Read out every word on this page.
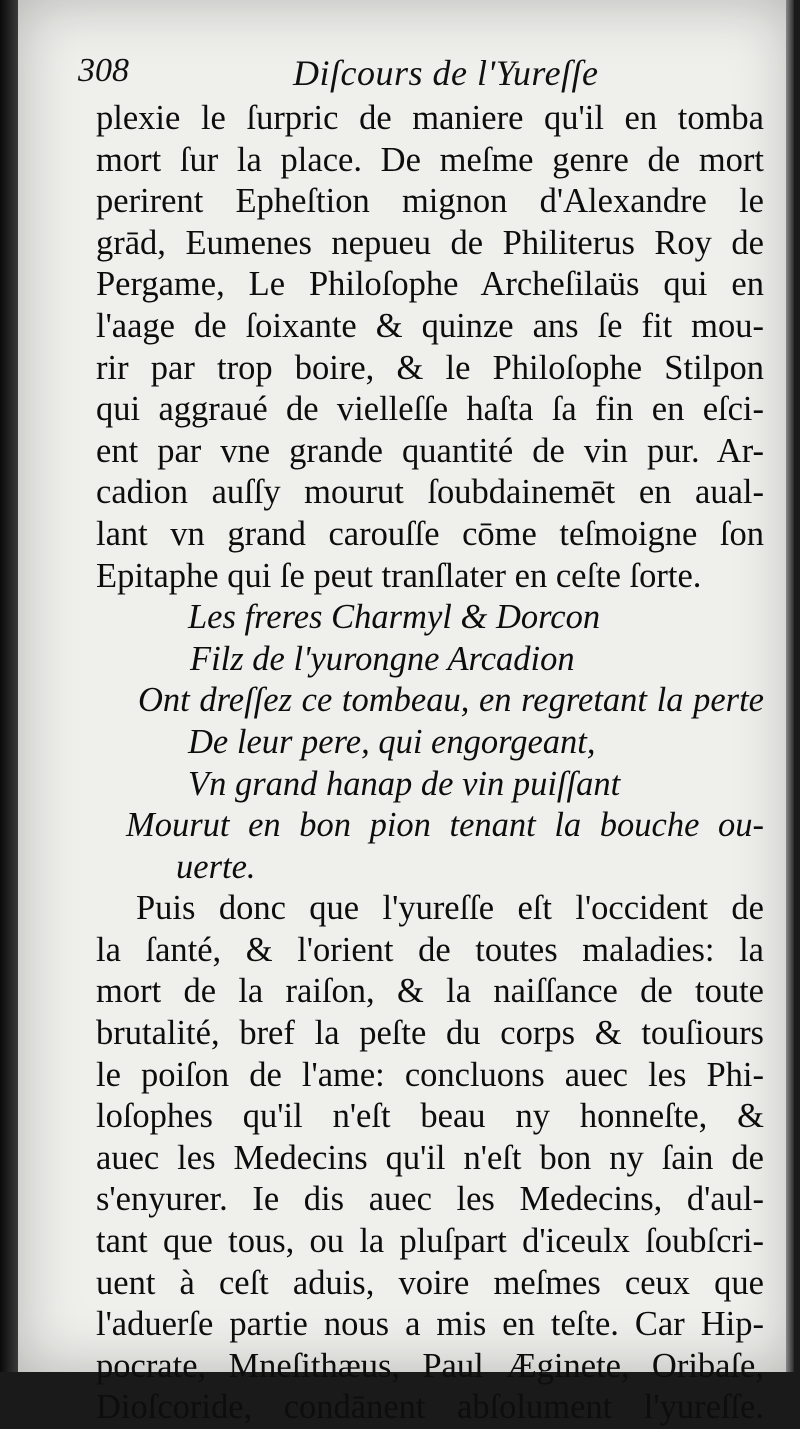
308	Diſcours de l'Yureſſe
plexie le ſurpric de maniere qu'il en tomba
mort ſur la place. De meſme genre de mort
perirent Epheſtion mignon d'Alexandre le
grād, Eumenes nepueu de Philiterus Roy de
Pergame, Le Philoſophe Archeſilaüs qui en
l'aage de ſoixante & quinze ans ſe fit mou-
rir par trop boire, & le Philoſophe Stilpon
qui aggraué de vielleſſe haſta ſa fin en eſci-
ent par vne grande quantité de vin pur. Ar-
cadion auſſy mourut ſoubdainemēt en aual-
lant vn grand carouſſe cōme teſmoigne ſon
Epitaphe qui ſe peut tranſlater en ceſte ſorte.
Les freres Charmyl & Dorcon
Filz de l'yurongne Arcadion
Ont dreſſez ce tombeau, en regretant la perte
De leur pere, qui engorgeant,
Vn grand hanap de vin puiſſant
Mourut en bon pion tenant la bouche ou-
uerte.
Puis donc que l'yureſſe eſt l'occident de
la ſanté, & l'orient de toutes maladies: la
mort de la raiſon, & la naiſſance de toute
brutalité, bref la peſte du corps & touſiours
le poiſon de l'ame: concluons auec les Phi-
loſophes qu'il n'eſt beau ny honneſte, &
auec les Medecins qu'il n'eſt bon ny ſain de
s'enyurer. Ie dis auec les Medecins, d'aul-
tant que tous, ou la pluſpart d'iceulx ſoubſcri-
uent à ceſt aduis, voire meſmes ceux que
l'aduerſe partie nous a mis en teſte. Car Hip-
pocrate, Mneſithæus, Paul Æginete, Oribaſe,
Dioſcoride, condānent abſolument l'yureſſe.
